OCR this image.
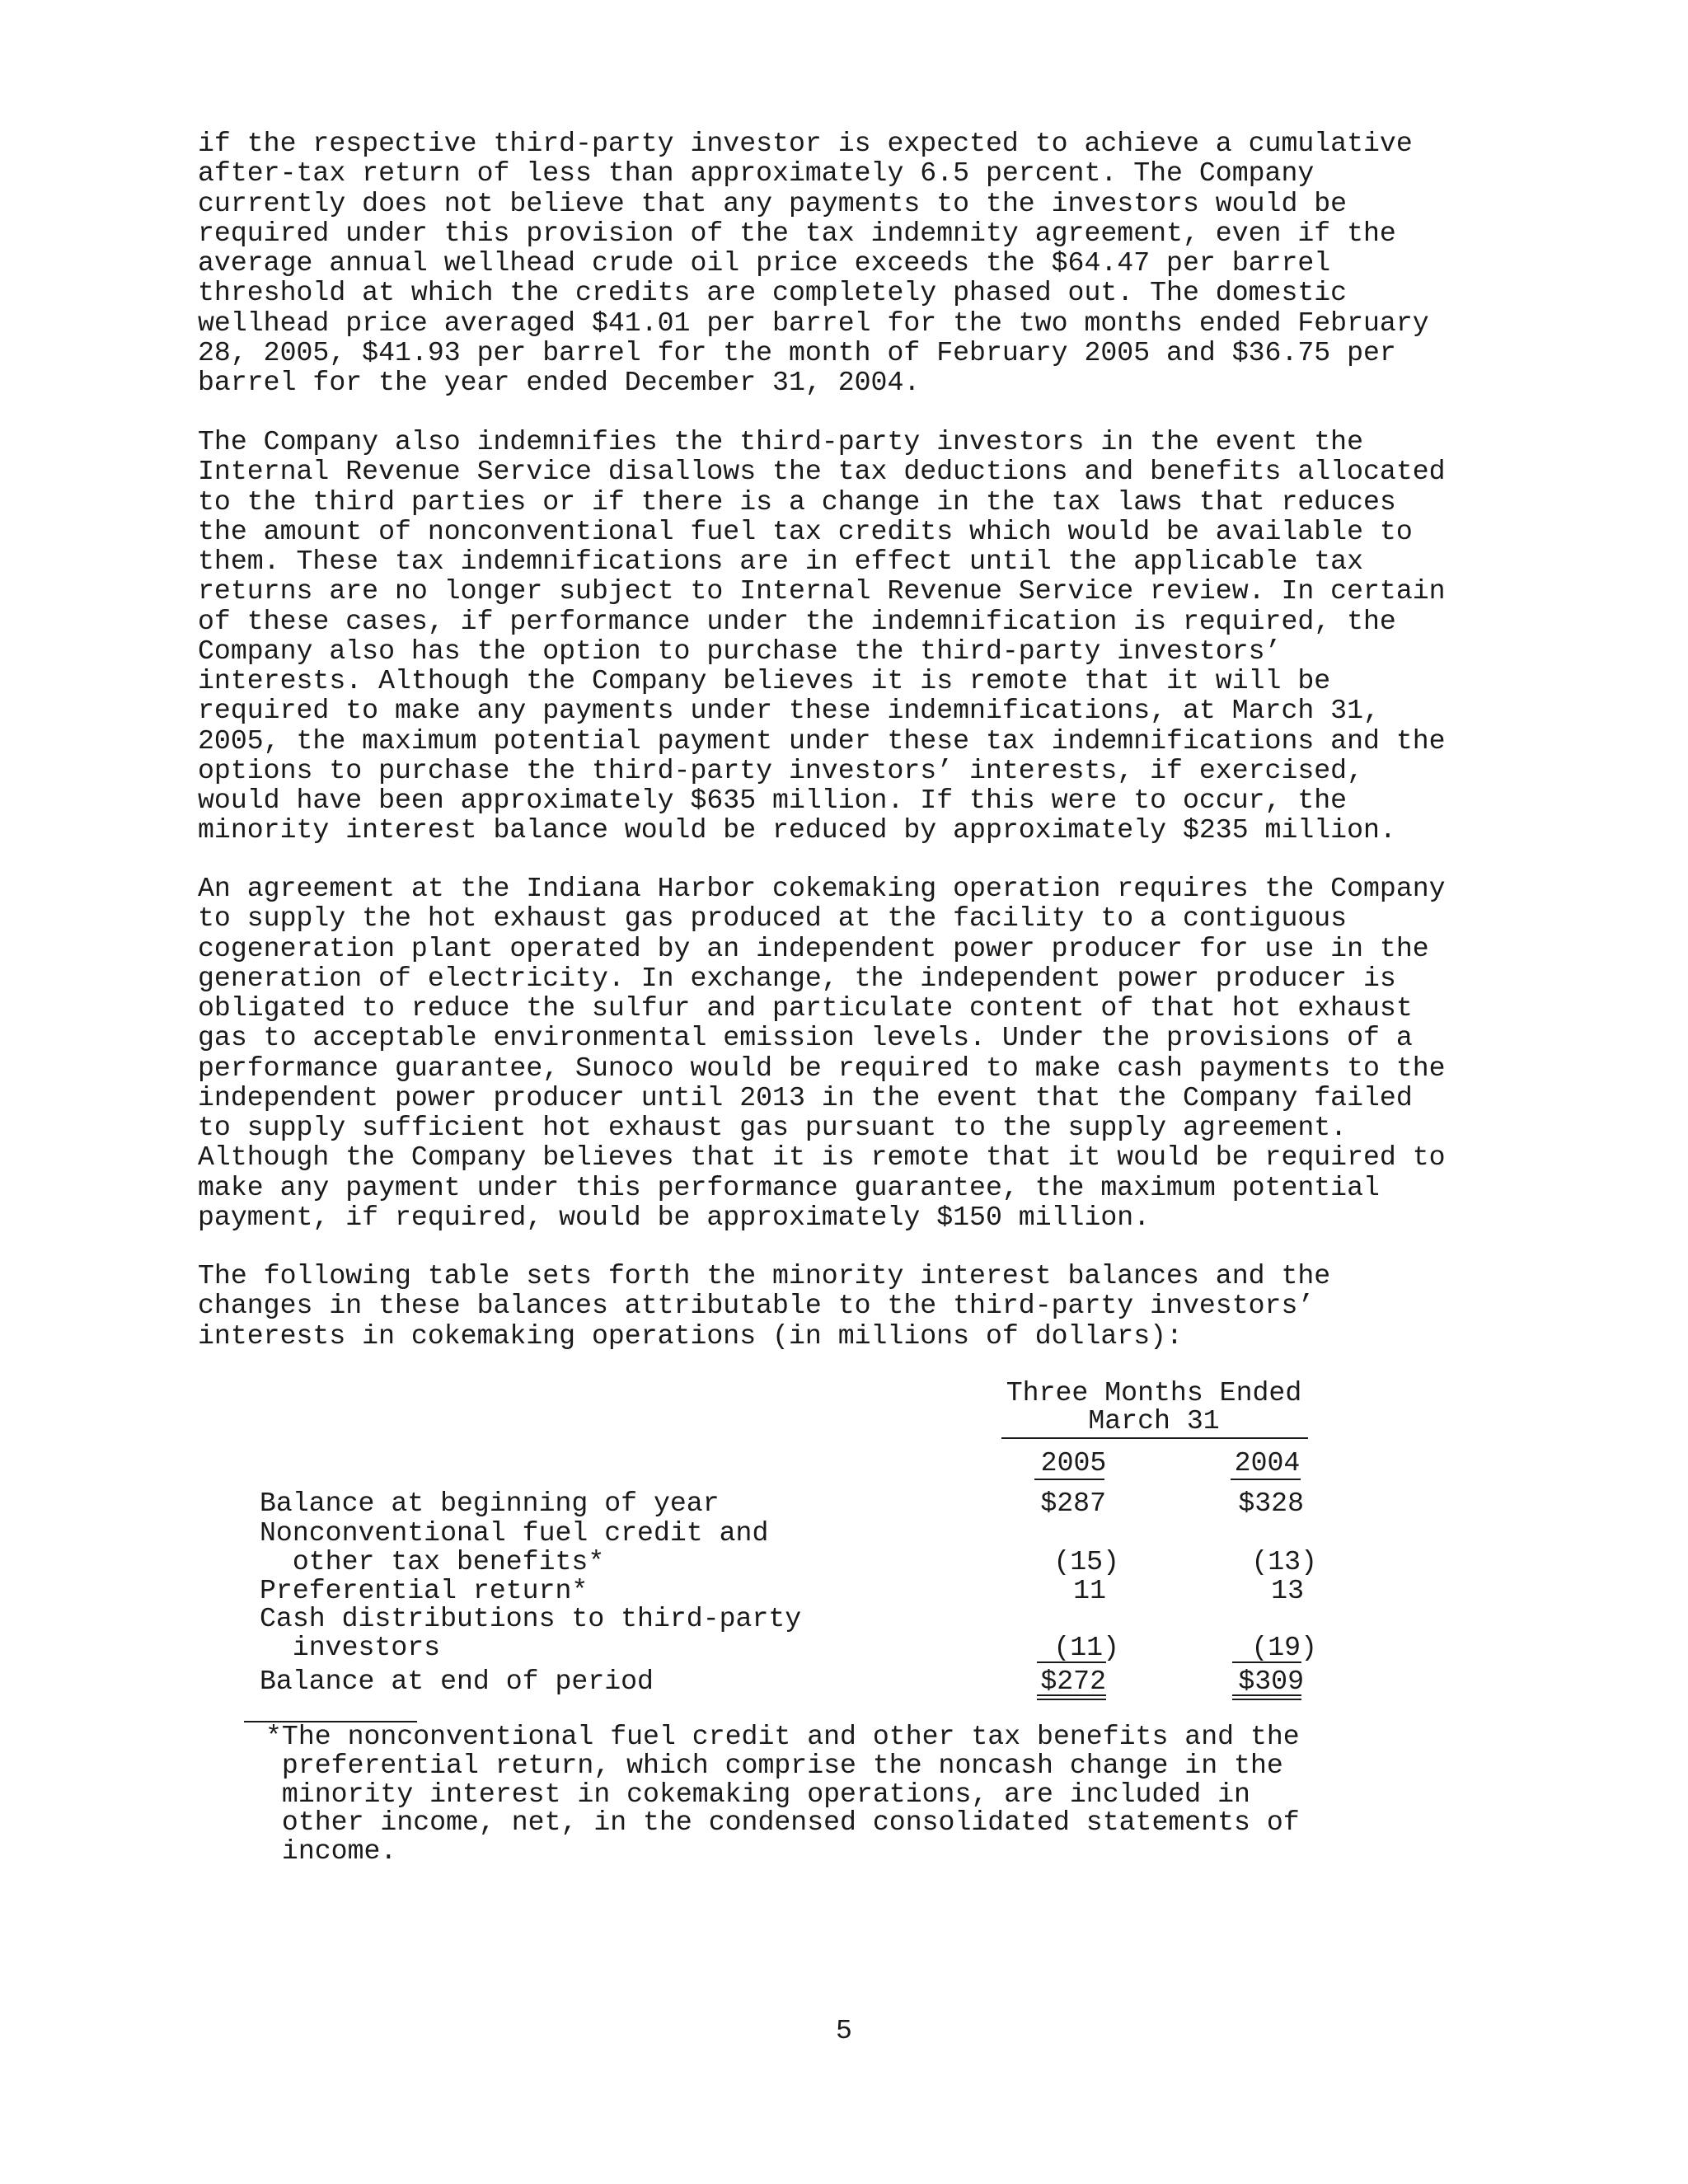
if the respective third-party investor is expected to achieve a cumulative
after-tax return of less than approximately 6.5 percent. The Company
currently does not believe that any payments to the investors would be
required under this provision of the tax indemnity agreement, even if the
average annual wellhead crude oil price exceeds the $64.47 per barrel
threshold at which the credits are completely phased out. The domestic
wellhead price averaged $41.01 per barrel for the two months ended February
28, 2005, $41.93 per barrel for the month of February 2005 and $36.75 per
barrel for the year ended December 31, 2004.
The Company also indemnifies the third-party investors in the event the
Internal Revenue Service disallows the tax deductions and benefits allocated
to the third parties or if there is a change in the tax laws that reduces
the amount of nonconventional fuel tax credits which would be available to
them. These tax indemnifications are in effect until the applicable tax
returns are no longer subject to Internal Revenue Service review. In certain
of these cases, if performance under the indemnification is required, the
Company also has the option to purchase the third-party investors’
interests. Although the Company believes it is remote that it will be
required to make any payments under these indemnifications, at March 31,
2005, the maximum potential payment under these tax indemnifications and the
options to purchase the third-party investors’ interests, if exercised,
would have been approximately $635 million. If this were to occur, the
minority interest balance would be reduced by approximately $235 million.
An agreement at the Indiana Harbor cokemaking operation requires the Company
to supply the hot exhaust gas produced at the facility to a contiguous
cogeneration plant operated by an independent power producer for use in the
generation of electricity. In exchange, the independent power producer is
obligated to reduce the sulfur and particulate content of that hot exhaust
gas to acceptable environmental emission levels. Under the provisions of a
performance guarantee, Sunoco would be required to make cash payments to the
independent power producer until 2013 in the event that the Company failed
to supply sufficient hot exhaust gas pursuant to the supply agreement.
Although the Company believes that it is remote that it would be required to
make any payment under this performance guarantee, the maximum potential
payment, if required, would be approximately $150 million.
The following table sets forth the minority interest balances and the
changes in these balances attributable to the third-party investors’
interests in cokemaking operations (in millions of dollars):
Three Months Ended
March 31
2005	2004
Balance at beginning of year	$287	$328
Nonconventional fuel credit and
other tax benefits*	(15)	(13)
Preferential return*	11	13
Cash distributions to third-party
investors	(11)	(19)
Balance at end of period	$272	$309
*The nonconventional fuel credit and other tax benefits and the
preferential return, which comprise the noncash change in the
minority interest in cokemaking operations, are included in
other income, net, in the condensed consolidated statements of
income.
5
